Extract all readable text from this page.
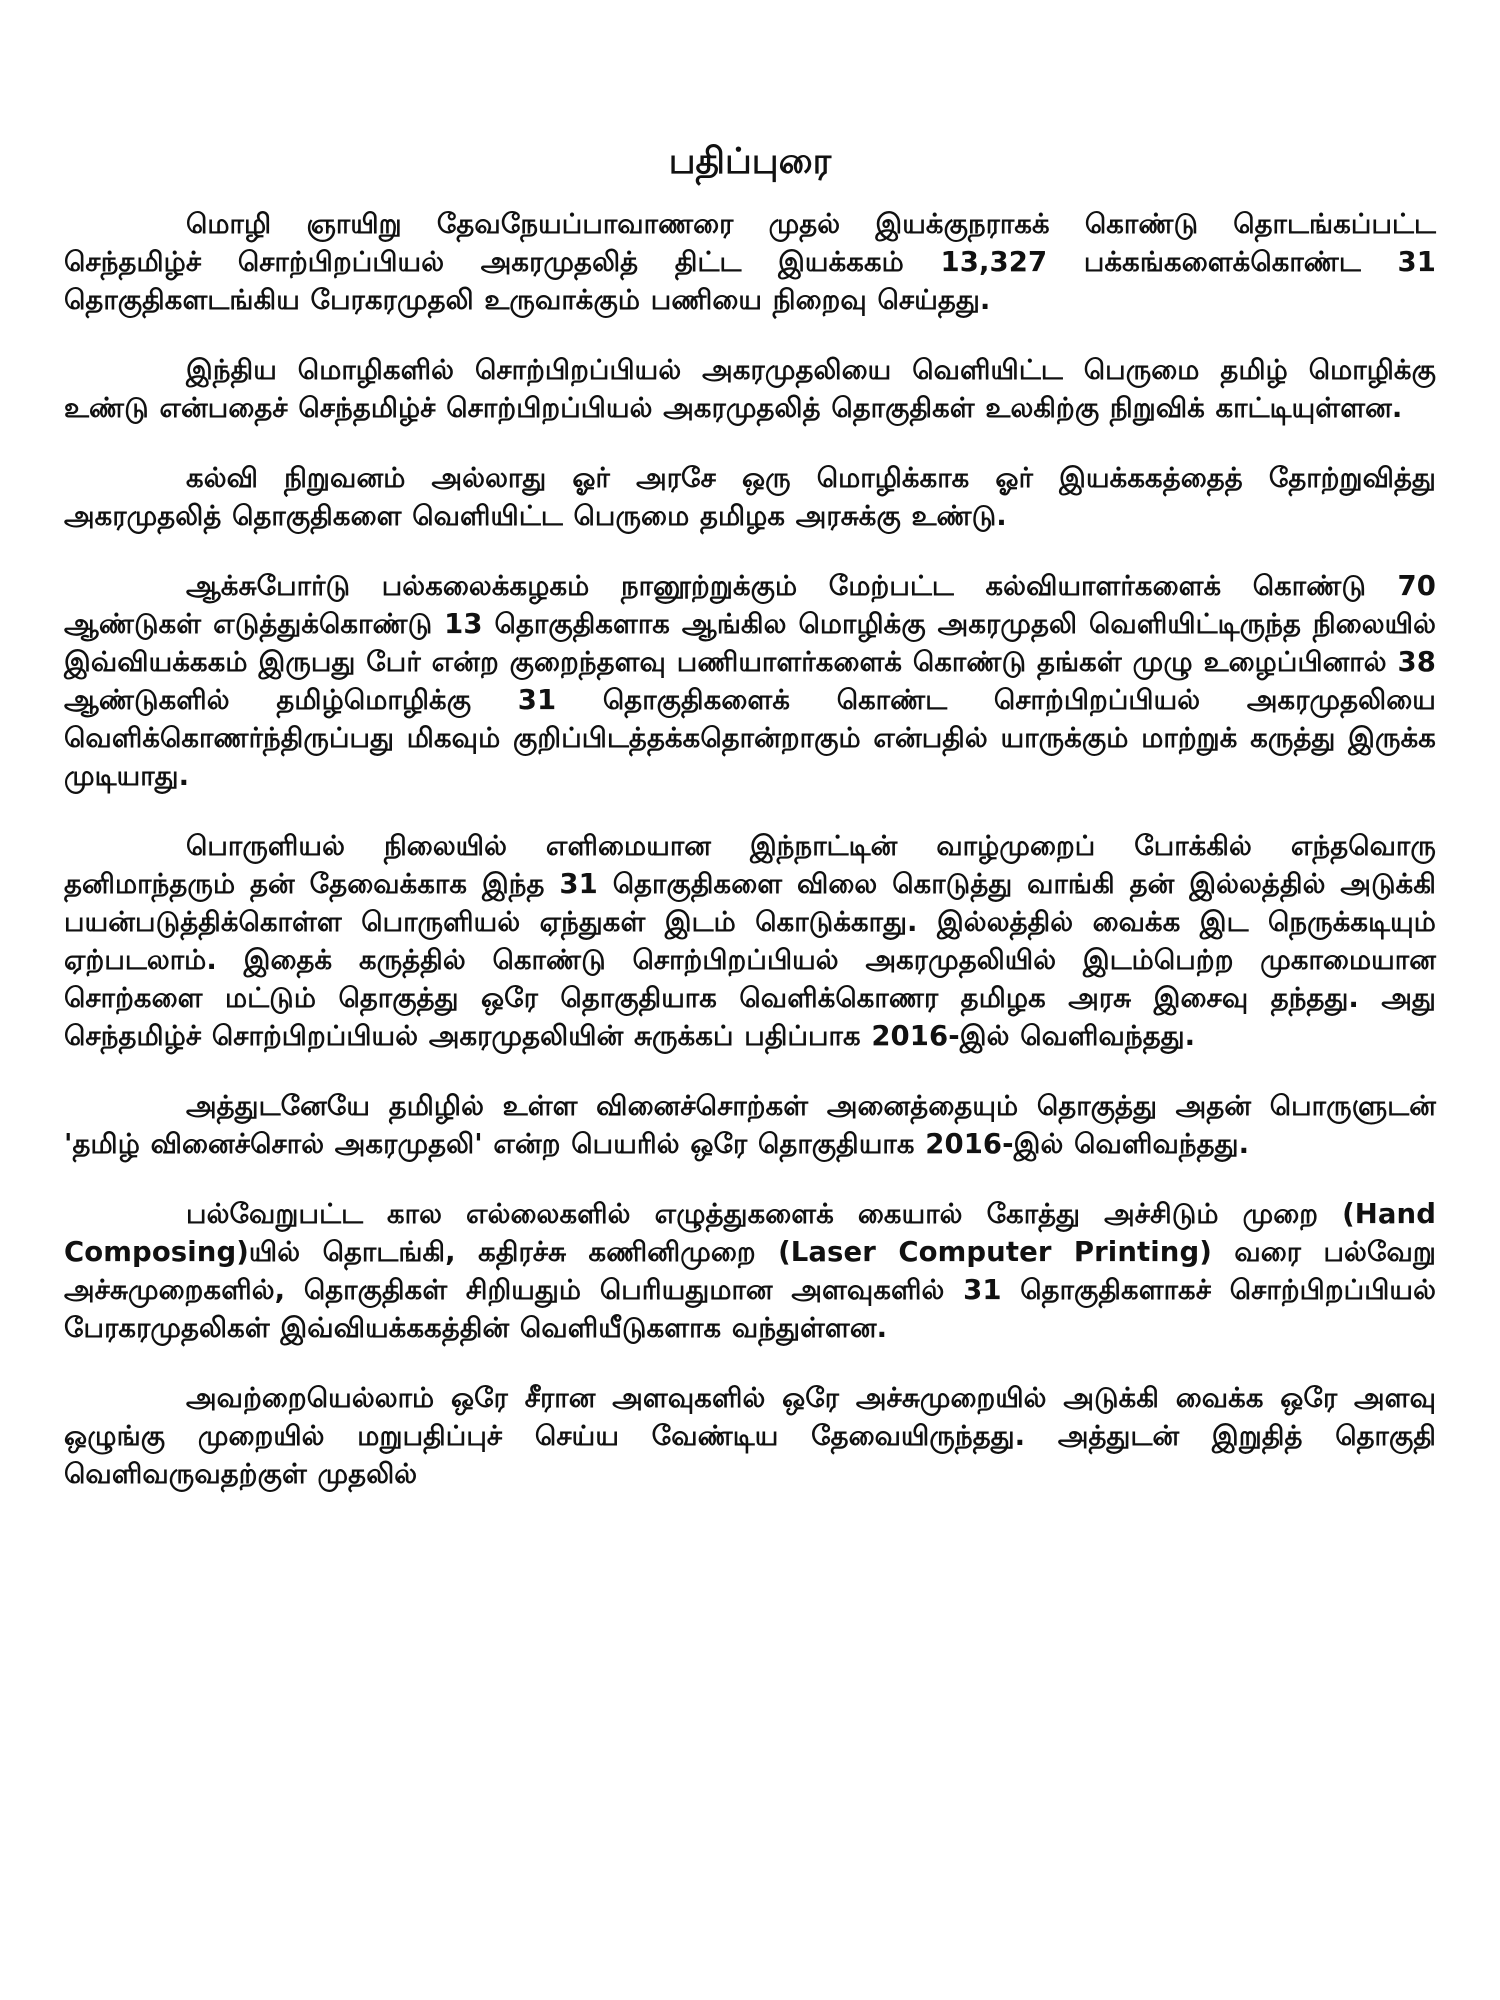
பதிப்புரை

மொழி ஞாயிறு தேவநேயப்பாவாணரை முதல் இயக்குநராகக் கொண்டு தொடங்கப்பட்ட செந்தமிழ்ச் சொற்பிறப்பியல் அகரமுதலித் திட்ட இயக்ககம் 13,327 பக்கங்களைக்கொண்ட 31 தொகுதிகளடங்கிய பேரகரமுதலி உருவாக்கும் பணியை நிறைவு செய்தது.

இந்திய மொழிகளில் சொற்பிறப்பியல் அகரமுதலியை வெளியிட்ட பெருமை தமிழ் மொழிக்கு உண்டு என்பதைச் செந்தமிழ்ச் சொற்பிறப்பியல் அகரமுதலித் தொகுதிகள் உலகிற்கு நிறுவிக் காட்டியுள்ளன.

கல்வி நிறுவனம் அல்லாது ஓர் அரசே ஒரு மொழிக்காக ஓர் இயக்ககத்தைத் தோற்றுவித்து அகரமுதலித் தொகுதிகளை வெளியிட்ட பெருமை தமிழக அரசுக்கு உண்டு.

ஆக்சுபோர்டு பல்கலைக்கழகம் நானூற்றுக்கும் மேற்பட்ட கல்வியாளர்களைக் கொண்டு 70 ஆண்டுகள் எடுத்துக்கொண்டு 13 தொகுதிகளாக ஆங்கில மொழிக்கு அகரமுதலி வெளியிட்டிருந்த நிலையில் இவ்வியக்ககம் இருபது பேர் என்ற குறைந்தளவு பணியாளர்களைக் கொண்டு தங்கள் முழு உழைப்பினால் 38 ஆண்டுகளில் தமிழ்மொழிக்கு 31 தொகுதிகளைக் கொண்ட சொற்பிறப்பியல் அகரமுதலியை வெளிக்கொணர்ந்திருப்பது மிகவும் குறிப்பிடத்தக்கதொன்றாகும் என்பதில் யாருக்கும் மாற்றுக் கருத்து இருக்க முடியாது.

பொருளியல் நிலையில் எளிமையான இந்நாட்டின் வாழ்முறைப் போக்கில் எந்தவொரு தனிமாந்தரும் தன் தேவைக்காக இந்த 31 தொகுதிகளை விலை கொடுத்து வாங்கி தன் இல்லத்தில் அடுக்கி பயன்படுத்திக்கொள்ள பொருளியல் ஏந்துகள் இடம் கொடுக்காது. இல்லத்தில் வைக்க இட நெருக்கடியும் ஏற்படலாம். இதைக் கருத்தில் கொண்டு சொற்பிறப்பியல் அகரமுதலியில் இடம்பெற்ற முகாமையான சொற்களை மட்டும் தொகுத்து ஒரே தொகுதியாக வெளிக்கொணர தமிழக அரசு இசைவு தந்தது. அது செந்தமிழ்ச் சொற்பிறப்பியல் அகரமுதலியின் சுருக்கப் பதிப்பாக 2016-இல் வெளிவந்தது.

அத்துடனேயே தமிழில் உள்ள வினைச்சொற்கள் அனைத்தையும் தொகுத்து அதன் பொருளுடன் 'தமிழ் வினைச்சொல் அகரமுதலி' என்ற பெயரில் ஒரே தொகுதியாக 2016-இல் வெளிவந்தது.

பல்வேறுபட்ட கால எல்லைகளில் எழுத்துகளைக் கையால் கோத்து அச்சிடும் முறை (Hand Composing)யில் தொடங்கி, கதிரச்சு கணினிமுறை (Laser Computer Printing) வரை பல்வேறு அச்சுமுறைகளில், தொகுதிகள் சிறியதும் பெரியதுமான அளவுகளில் 31 தொகுதிகளாகச் சொற்பிறப்பியல் பேரகரமுதலிகள் இவ்வியக்ககத்தின் வெளியீடுகளாக வந்துள்ளன.

அவற்றையெல்லாம் ஒரே சீரான அளவுகளில் ஒரே அச்சுமுறையில் அடுக்கி வைக்க ஒரே அளவு ஒழுங்கு முறையில் மறுபதிப்புச் செய்ய வேண்டிய தேவையிருந்தது. அத்துடன் இறுதித் தொகுதி வெளிவருவதற்குள் முதலில்
